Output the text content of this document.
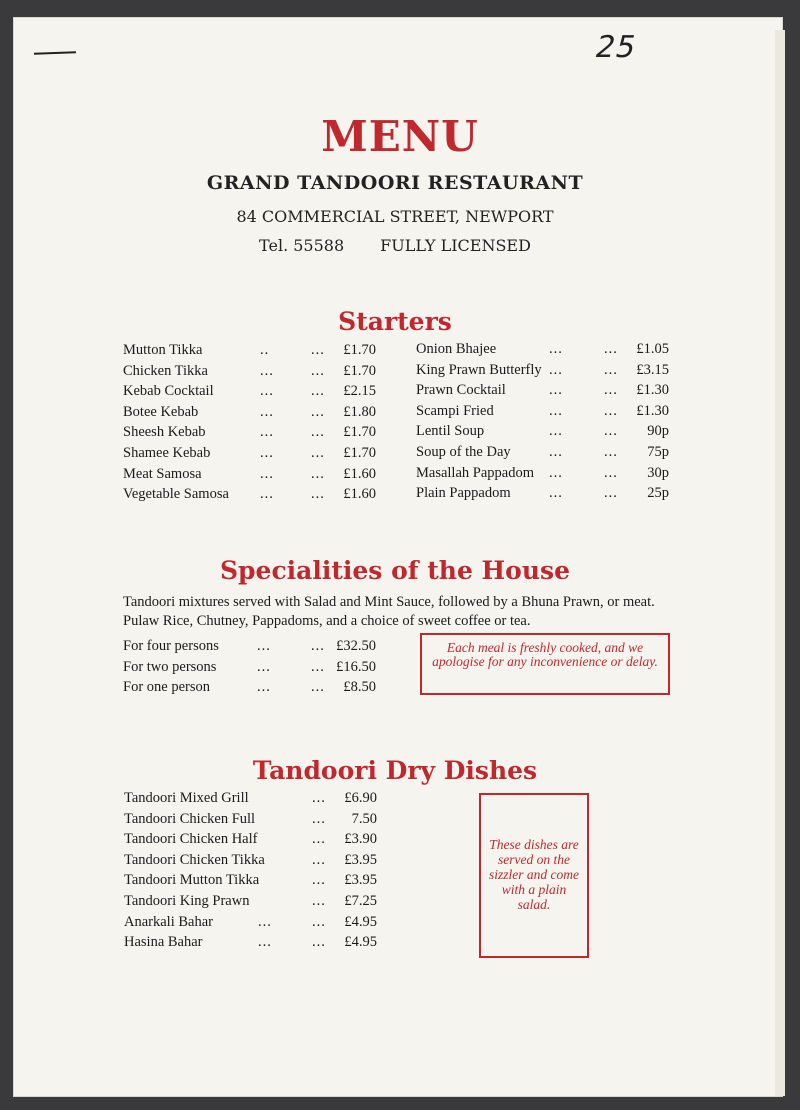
25
MENU
GRAND TANDOORI RESTAURANT
84 COMMERCIAL STREET, NEWPORT
Tel. 55588 FULLY LICENSED
Starters
Mutton Tikka	..	... £1.70
Chicken Tikka	...	... £1.70
Kebab Cocktail	...	... £2.15
Botee Kebab	...	... £1.80
Sheesh Kebab	...	... £1.70
Shamee Kebab	...	... £1.70
Meat Samosa	...	... £1.60
Vegetable Samosa ...	... £1.60
Onion Bhajee	...	... £1.05
King Prawn Butterfly ...	... £3.15
Prawn Cocktail	...	... £1.30
Scampi Fried	...	... £1.30
Lentil Soup	...	... 90p
Soup of the Day	...	... 75p
Masallah Pappadom ...	... 30p
Plain Pappadom	...	... 25p
Specialities of the House
Tandoori mixtures served with Salad and Mint Sauce, followed by a Bhuna Prawn, or meat. Pulaw Rice, Chutney, Pappadoms, and a choice of sweet coffee or tea.
For four persons	...	... £32.50
For two persons	...	... £16.50
For one person	...	... £8.50
Each meal is freshly cooked, and we apologise for any inconvenience or delay.
Tandoori Dry Dishes
Tandoori Mixed Grill	... £6.90
Tandoori Chicken Full	... 7.50
Tandoori Chicken Half	... £3.90
Tandoori Chicken Tikka	... £3.95
Tandoori Mutton Tikka	... £3.95
Tandoori King Prawn	... £7.25
Anarkali Bahar	...	... £4.95
Hasina Bahar	...	... £4.95
These dishes are served on the sizzler and come with a plain salad.
